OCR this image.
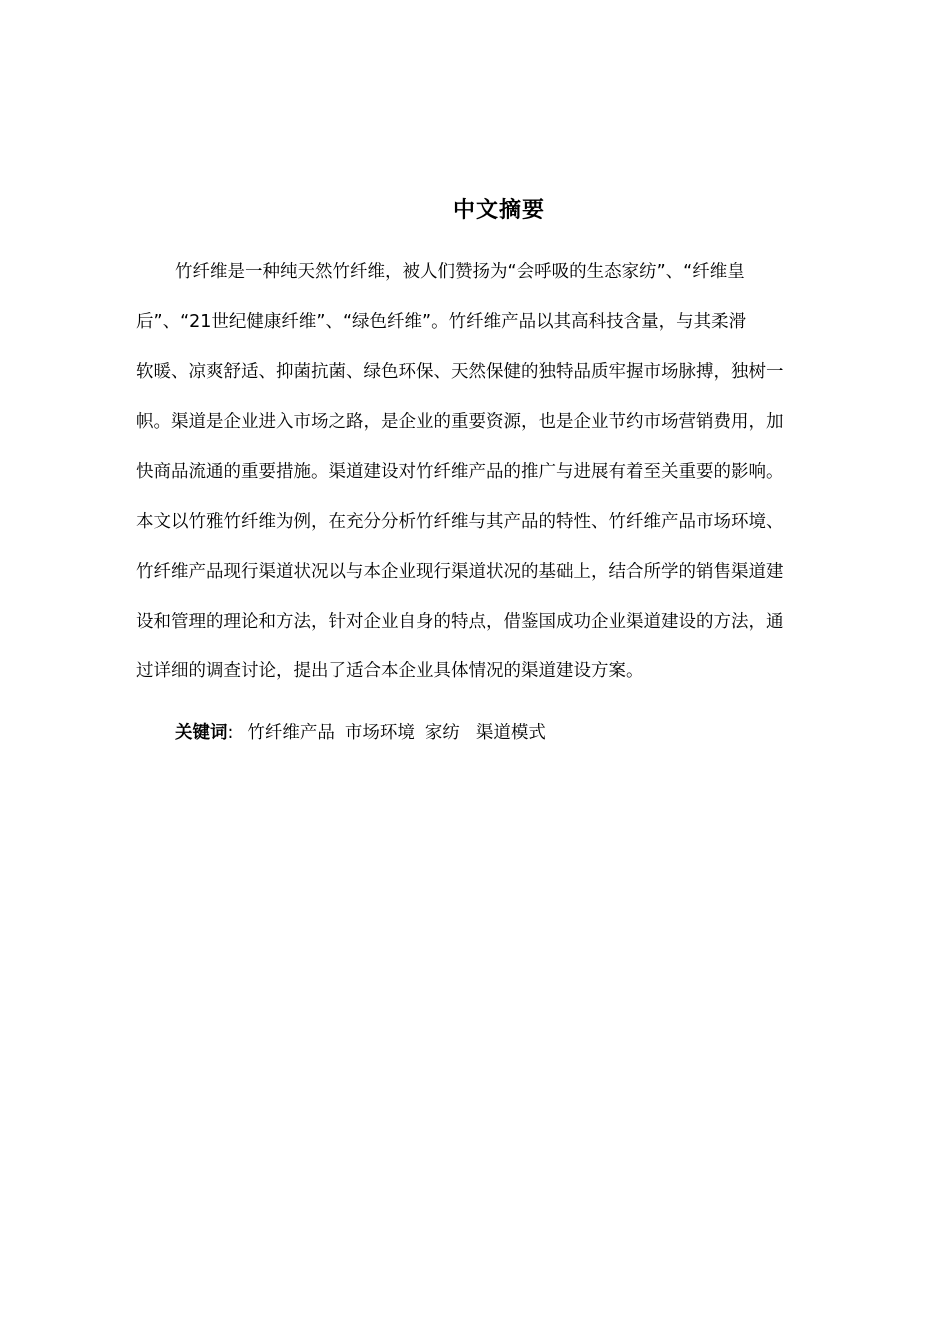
中文摘要
竹纤维是一种纯天然竹纤维，被人们赞扬为“会呼吸的生态家纺”、“纤维皇
后”、“21世纪健康纤维”、“绿色纤维”。竹纤维产品以其高科技含量，与其柔滑
软暖、凉爽舒适、抑菌抗菌、绿色环保、天然保健的独特品质牢握市场脉搏，独树一
帜。渠道是企业进入市场之路，是企业的重要资源，也是企业节约市场营销费用，加
快商品流通的重要措施。渠道建设对竹纤维产品的推广与进展有着至关重要的影响。
本文以竹雅竹纤维为例，在充分分析竹纤维与其产品的特性、竹纤维产品市场环境、
竹纤维产品现行渠道状况以与本企业现行渠道状况的基础上，结合所学的销售渠道建
设和管理的理论和方法，针对企业自身的特点，借鉴国成功企业渠道建设的方法，通
过详细的调查讨论，提出了适合本企业具体情况的渠道建设方案。
关键词: 竹纤维产品 市场环境 家纺 渠道模式
